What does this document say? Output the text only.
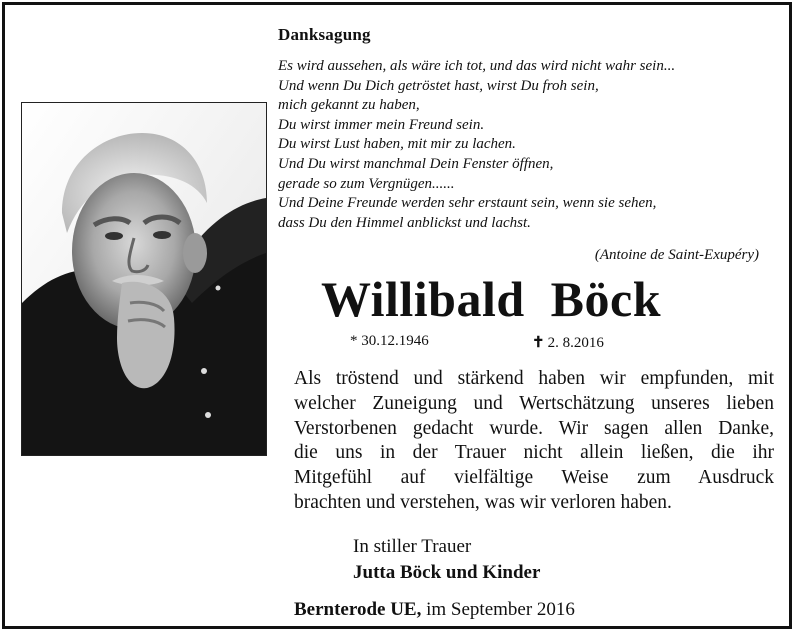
Danksagung
Es wird aussehen, als wäre ich tot, und das wird nicht wahr sein...
Und wenn Du Dich getröstet hast, wirst Du froh sein,
mich gekannt zu haben,
Du wirst immer mein Freund sein.
Du wirst Lust haben, mit mir zu lachen.
Und Du wirst manchmal Dein Fenster öffnen,
gerade so zum Vergnügen......
Und Deine Freunde werden sehr erstaunt sein, wenn sie sehen,
dass Du den Himmel anblickst und lachst.
(Antoine de Saint-Exupéry)
Willibald  Böck
* 30.12.1946	✝ 2. 8.2016
Als tröstend und stärkend haben wir empfunden, mit
welcher Zuneigung und Wertschätzung unseres lieben
Verstorbenen gedacht wurde. Wir sagen allen Danke,
die uns in der Trauer nicht allein ließen, die ihr
Mitgefühl auf vielfältige Weise zum Ausdruck
brachten und verstehen, was wir verloren haben.
In stiller Trauer
Jutta Böck und Kinder
Bernterode UE, im September 2016
